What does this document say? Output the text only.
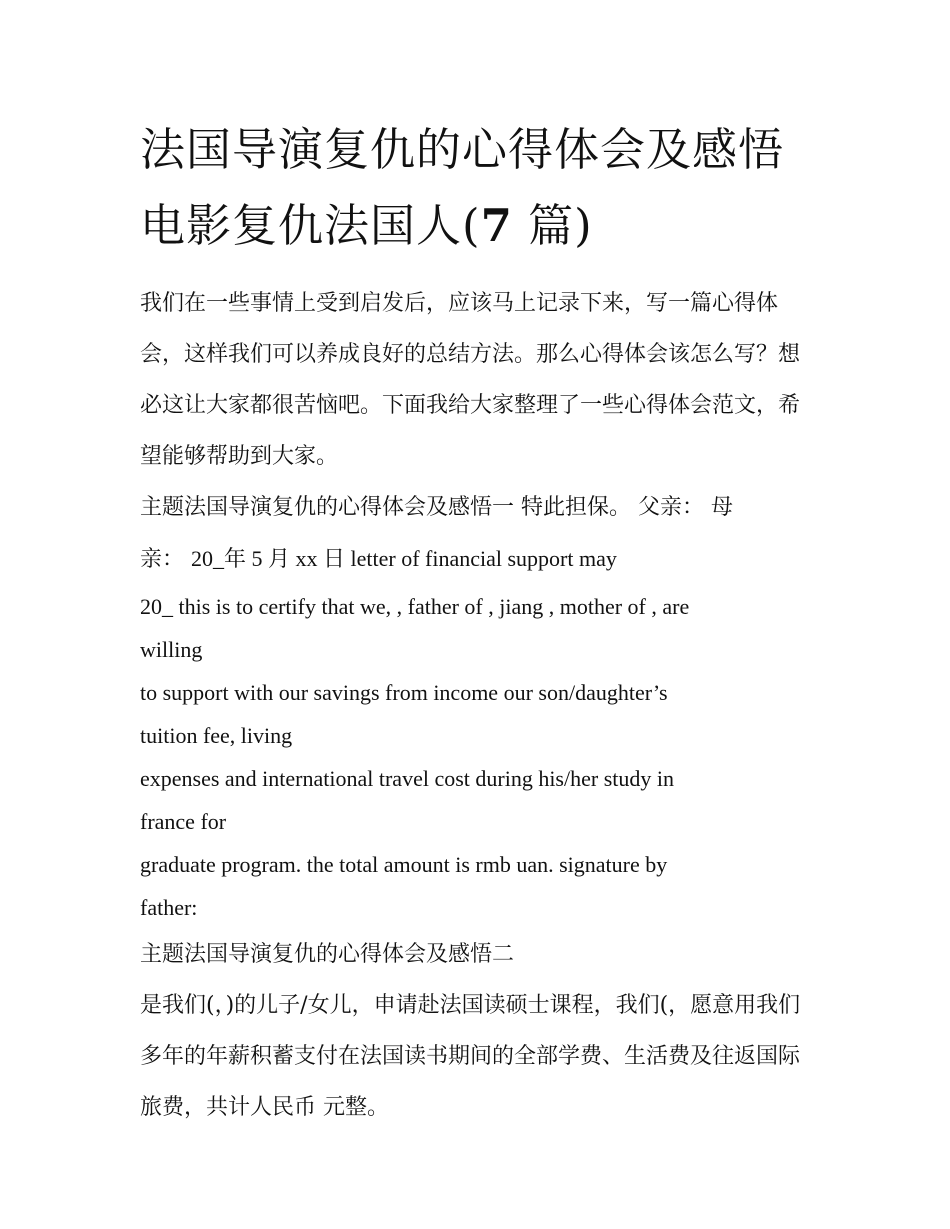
法国导演复仇的心得体会及感悟 电影复仇法国人(7 篇)

我们在一些事情上受到启发后，应该马上记录下来，写一篇心得体会，这样我们可以养成良好的总结方法。那么心得体会该怎么写？想必这让大家都很苦恼吧。下面我给大家整理了一些心得体会范文，希望能够帮助到大家。

主题法国导演复仇的心得体会及感悟一 特此担保。 父亲： 母

亲： 20_年 5 月 xx 日 letter of financial support may

20_ this is to certify that we, , father of , jiang , mother of , are
willing
to support with our savings from income our son/daughter’s
tuition fee, living
expenses and international travel cost during his/her study in
france for
graduate program. the total amount is rmb uan. signature by
father:

主题法国导演复仇的心得体会及感悟二

是我们(，)的儿子/女儿，申请赴法国读硕士课程，我们(，愿意用我们多年的年薪积蓄支付在法国读书期间的全部学费、生活费及往返国际旅费，共计人民币 元整。
